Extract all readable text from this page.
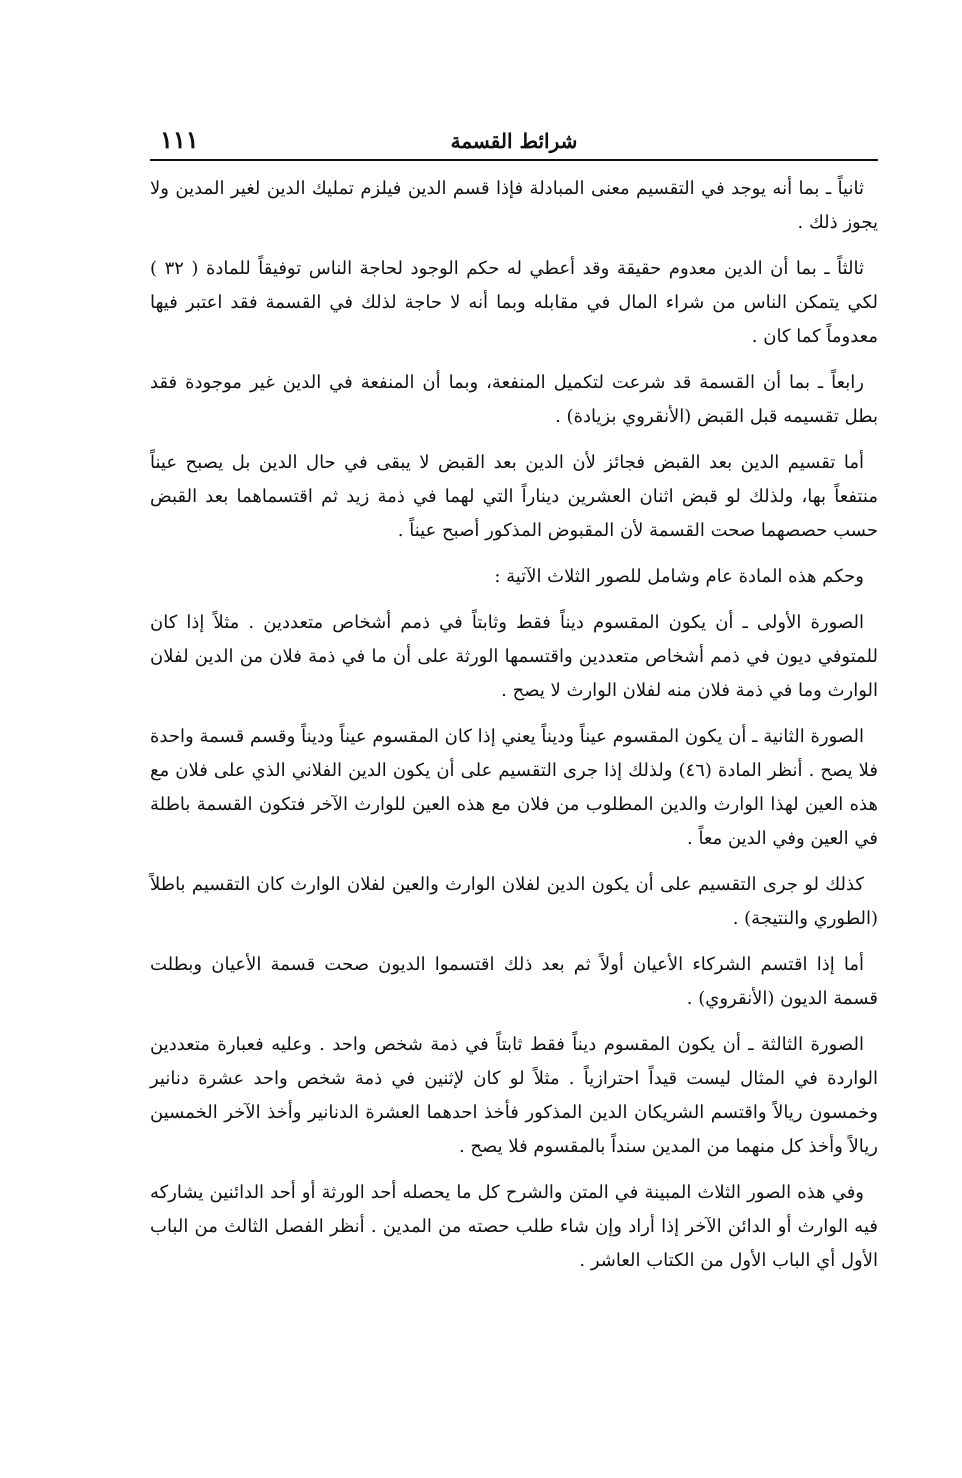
١١١	شرائط القسمة

ثانياً ـ بما أنه يوجد في التقسيم معنى المبادلة فإذا قسم الدين فيلزم تمليك الدين لغير المدين ولا يجوز ذلك .

ثالثاً ـ بما أن الدين معدوم حقيقة وقد أعطي له حكم الوجود لحاجة الناس توفيقاً للمادة ( ٣٢ ) لكي يتمكن الناس من شراء المال في مقابله وبما أنه لا حاجة لذلك في القسمة فقد اعتبر فيها معدوماً كما كان .

رابعاً ـ بما أن القسمة قد شرعت لتكميل المنفعة، وبما أن المنفعة في الدين غير موجودة فقد بطل تقسيمه قبل القبض (الأنقروي بزيادة) .

أما تقسيم الدين بعد القبض فجائز لأن الدين بعد القبض لا يبقى في حال الدين بل يصبح عيناً منتفعاً بها، ولذلك لو قبض اثنان العشرين ديناراً التي لهما في ذمة زيد ثم اقتسماهما بعد القبض حسب حصصهما صحت القسمة لأن المقبوض المذكور أصبح عيناً .

وحكم هذه المادة عام وشامل للصور الثلاث الآتية :

الصورة الأولى ـ أن يكون المقسوم ديناً فقط وثابتاً في ذمم أشخاص متعددين . مثلاً إذا كان للمتوفي ديون في ذمم أشخاص متعددين واقتسمها الورثة على أن ما في ذمة فلان من الدين لفلان الوارث وما في ذمة فلان منه لفلان الوارث لا يصح .

الصورة الثانية ـ أن يكون المقسوم عيناً وديناً يعني إذا كان المقسوم عيناً وديناً وقسم قسمة واحدة فلا يصح . أنظر المادة (٤٦) ولذلك إذا جرى التقسيم على أن يكون الدين الفلاني الذي على فلان مع هذه العين لهذا الوارث والدين المطلوب من فلان مع هذه العين للوارث الآخر فتكون القسمة باطلة في العين وفي الدين معاً .

كذلك لو جرى التقسيم على أن يكون الدين لفلان الوارث والعين لفلان الوارث كان التقسيم باطلاً (الطوري والنتيجة) .

أما إذا اقتسم الشركاء الأعيان أولاً ثم بعد ذلك اقتسموا الديون صحت قسمة الأعيان وبطلت قسمة الديون (الأنقروي) .

الصورة الثالثة ـ أن يكون المقسوم ديناً فقط ثابتاً في ذمة شخص واحد . وعليه فعبارة متعددين الواردة في المثال ليست قيداً احترازياً . مثلاً لو كان لإثنين في ذمة شخص واحد عشرة دنانير وخمسون ريالاً واقتسم الشريكان الدين المذكور فأخذ احدهما العشرة الدنانير وأخذ الآخر الخمسين ريالاً وأخذ كل منهما من المدين سنداً بالمقسوم فلا يصح .

وفي هذه الصور الثلاث المبينة في المتن والشرح كل ما يحصله أحد الورثة أو أحد الدائنين يشاركه فيه الوارث أو الدائن الآخر إذا أراد وإن شاء طلب حصته من المدين . أنظر الفصل الثالث من الباب الأول أي الباب الأول من الكتاب العاشر .
